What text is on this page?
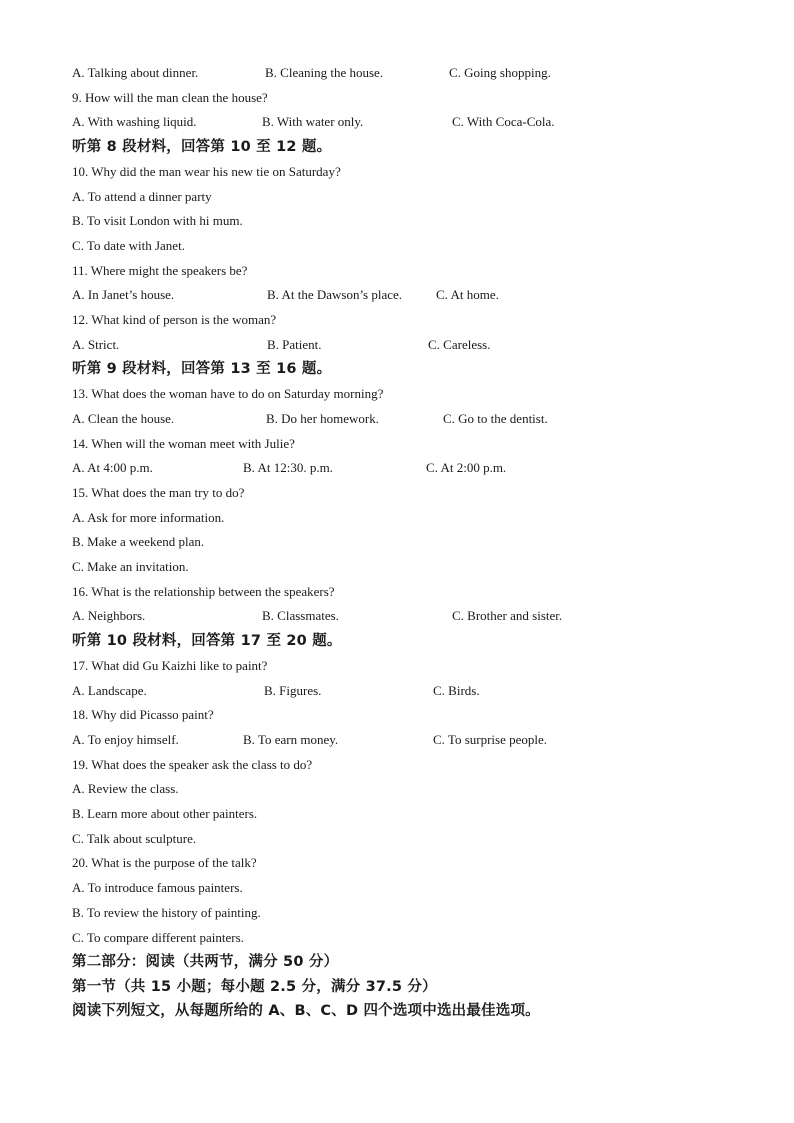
A. Talking about dinner.	B. Cleaning the house.	C. Going shopping.
9. How will the man clean the house?
A. With washing liquid.	B. With water only.	C. With Coca-Cola.
听第 8 段材料，回答第 10 至 12 题。
10. Why did the man wear his new tie on Saturday?
A. To attend a dinner party
B. To visit London with hi mum.
C. To date with Janet.
11. Where might the speakers be?
A. In Janet’s house.	B. At the Dawson’s place.	C. At home.
12. What kind of person is the woman?
A. Strict.	B. Patient.	C. Careless.
听第 9 段材料，回答第 13 至 16 题。
13. What does the woman have to do on Saturday morning?
A. Clean the house.	B. Do her homework.	C. Go to the dentist.
14. When will the woman meet with Julie?
A. At 4:00 p.m.	B. At 12:30. p.m.	C. At 2:00 p.m.
15. What does the man try to do?
A. Ask for more information.
B. Make a weekend plan.
C. Make an invitation.
16. What is the relationship between the speakers?
A. Neighbors.	B. Classmates.	C. Brother and sister.
听第 10 段材料，回答第 17 至 20 题。
17. What did Gu Kaizhi like to paint?
A. Landscape.	B. Figures.	C. Birds.
18. Why did Picasso paint?
A. To enjoy himself.	B. To earn money.	C. To surprise people.
19. What does the speaker ask the class to do?
A. Review the class.
B. Learn more about other painters.
C. Talk about sculpture.
20. What is the purpose of the talk?
A. To introduce famous painters.
B. To review the history of painting.
C. To compare different painters.
第二部分：阅读（共两节，满分 50 分）
第一节（共 15 小题；每小题 2.5 分，满分 37.5 分）
阅读下列短文，从每题所给的 A、B、C、D 四个选项中选出最佳选项。
